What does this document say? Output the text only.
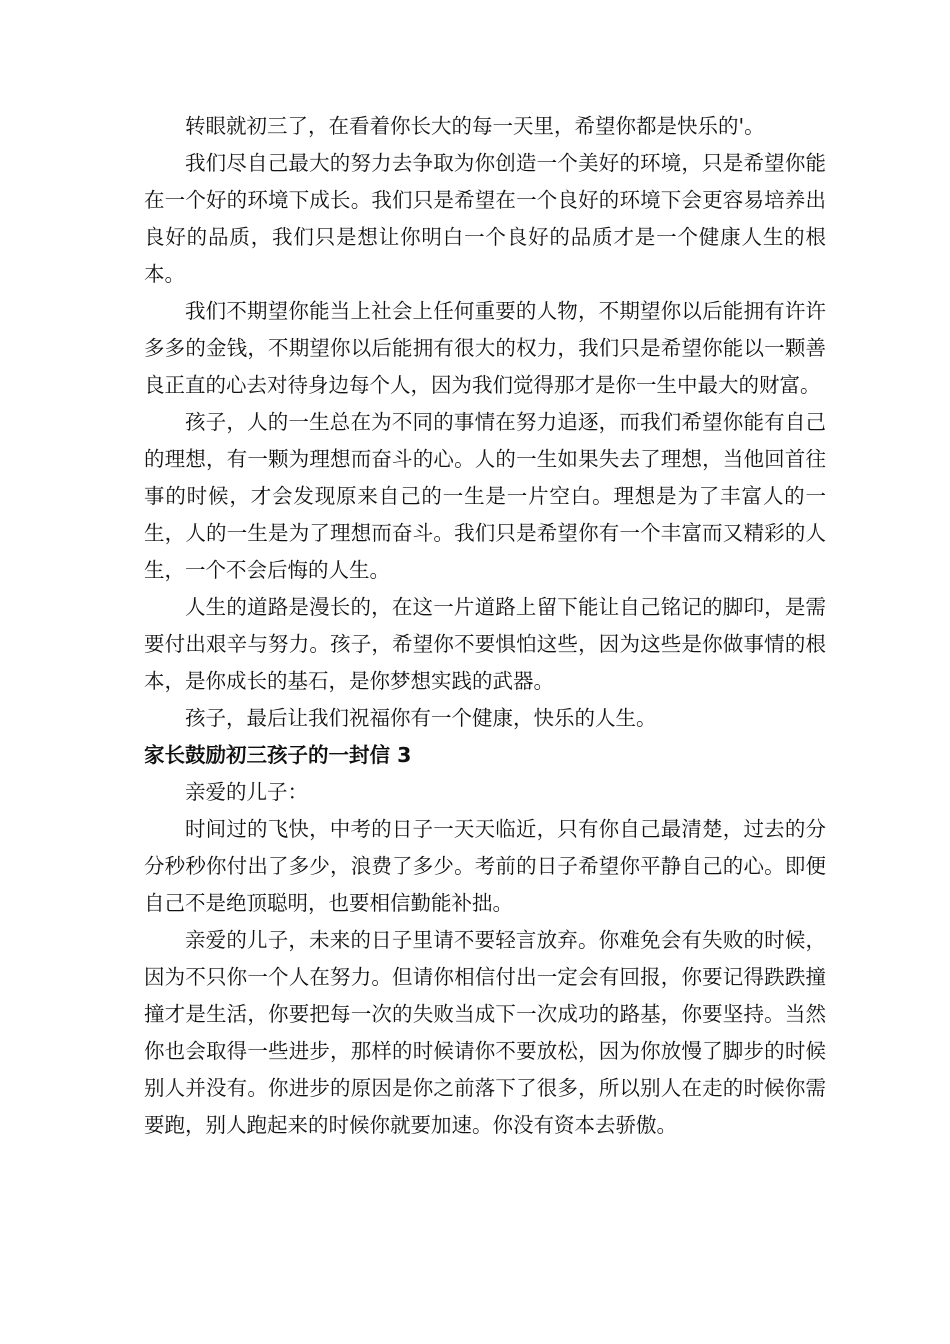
转眼就初三了，在看着你长大的每一天里，希望你都是快乐的'。

我们尽自己最大的努力去争取为你创造一个美好的环境，只是希望你能在一个好的环境下成长。我们只是希望在一个良好的环境下会更容易培养出良好的品质，我们只是想让你明白一个良好的品质才是一个健康人生的根本。

我们不期望你能当上社会上任何重要的人物，不期望你以后能拥有许许多多的金钱，不期望你以后能拥有很大的权力，我们只是希望你能以一颗善良正直的心去对待身边每个人，因为我们觉得那才是你一生中最大的财富。

孩子，人的一生总在为不同的事情在努力追逐，而我们希望你能有自己的理想，有一颗为理想而奋斗的心。人的一生如果失去了理想，当他回首往事的时候，才会发现原来自己的一生是一片空白。理想是为了丰富人的一生，人的一生是为了理想而奋斗。我们只是希望你有一个丰富而又精彩的人生，一个不会后悔的人生。

人生的道路是漫长的，在这一片道路上留下能让自己铭记的脚印，是需要付出艰辛与努力。孩子，希望你不要惧怕这些，因为这些是你做事情的根本，是你成长的基石，是你梦想实践的武器。

孩子，最后让我们祝福你有一个健康，快乐的人生。

家长鼓励初三孩子的一封信 3

亲爱的儿子：

时间过的飞快，中考的日子一天天临近，只有你自己最清楚，过去的分分秒秒你付出了多少，浪费了多少。考前的日子希望你平静自己的心。即便自己不是绝顶聪明，也要相信勤能补拙。

亲爱的儿子，未来的日子里请不要轻言放弃。你难免会有失败的时候，因为不只你一个人在努力。但请你相信付出一定会有回报，你要记得跌跌撞撞才是生活，你要把每一次的失败当成下一次成功的路基，你要坚持。当然你也会取得一些进步，那样的时候请你不要放松，因为你放慢了脚步的时候别人并没有。你进步的原因是你之前落下了很多，所以别人在走的时候你需要跑，别人跑起来的时候你就要加速。你没有资本去骄傲。
